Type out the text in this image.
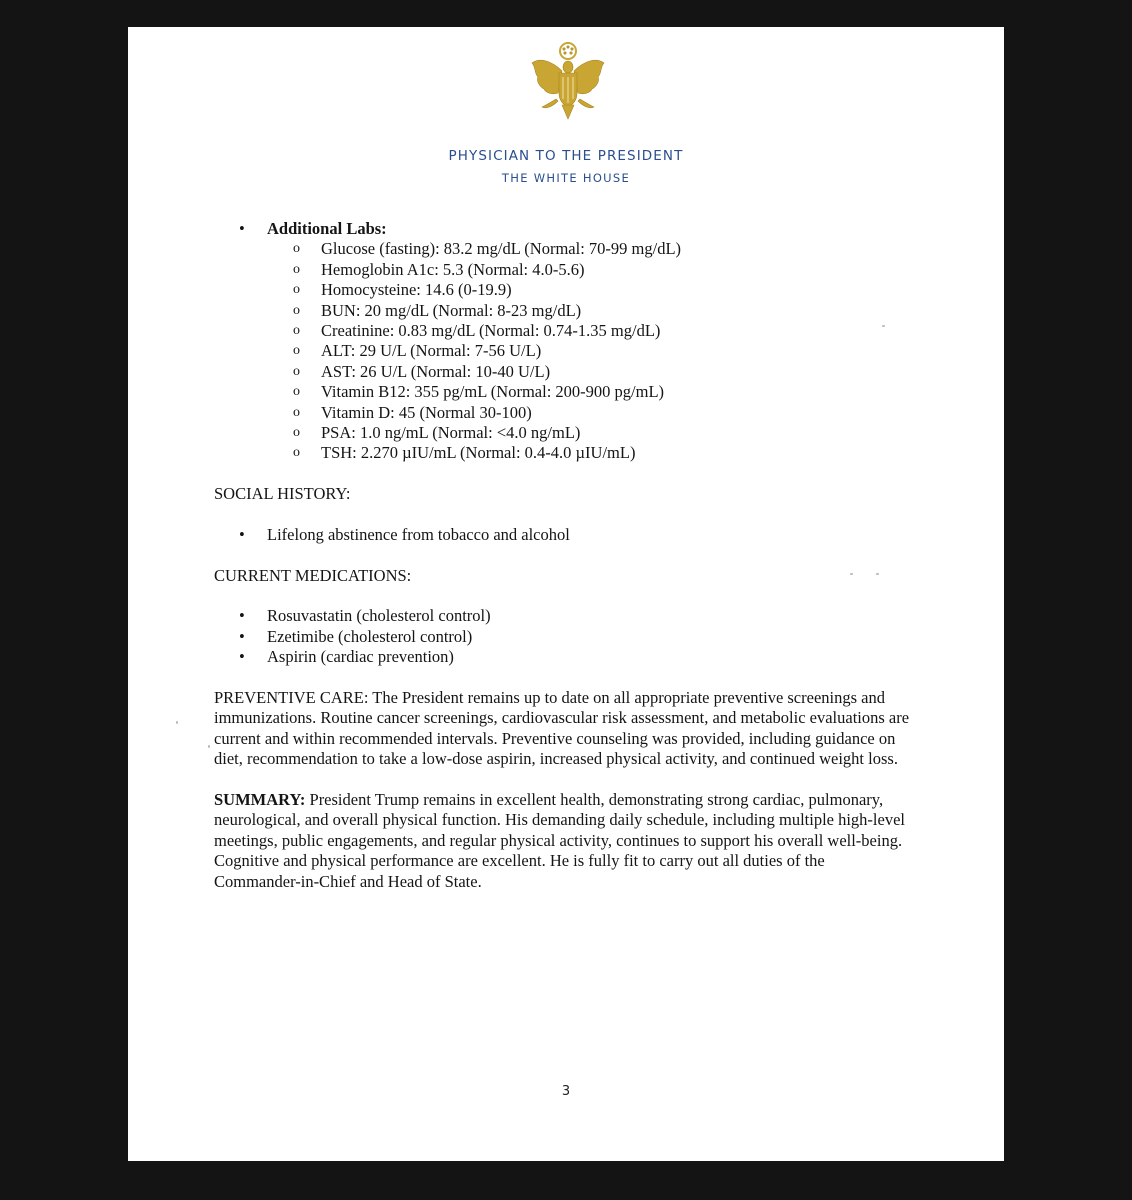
PHYSICIAN TO THE PRESIDENT
THE WHITE HOUSE
• Additional Labs:
o Glucose (fasting): 83.2 mg/dL (Normal: 70-99 mg/dL)
o Hemoglobin A1c: 5.3 (Normal: 4.0-5.6)
o Homocysteine: 14.6 (0-19.9)
o BUN: 20 mg/dL (Normal: 8-23 mg/dL)
o Creatinine: 0.83 mg/dL (Normal: 0.74-1.35 mg/dL)
o ALT: 29 U/L (Normal: 7-56 U/L)
o AST: 26 U/L (Normal: 10-40 U/L)
o Vitamin B12: 355 pg/mL (Normal: 200-900 pg/mL)
o Vitamin D: 45 (Normal 30-100)
o PSA: 1.0 ng/mL (Normal: <4.0 ng/mL)
o TSH: 2.270 µIU/mL (Normal: 0.4-4.0 µIU/mL)
SOCIAL HISTORY:
• Lifelong abstinence from tobacco and alcohol
CURRENT MEDICATIONS:
• Rosuvastatin (cholesterol control)
• Ezetimibe (cholesterol control)
• Aspirin (cardiac prevention)

PREVENTIVE CARE: The President remains up to date on all appropriate preventive screenings and immunizations. Routine cancer screenings, cardiovascular risk assessment, and metabolic evaluations are current and within recommended intervals. Preventive counseling was provided, including guidance on diet, recommendation to take a low-dose aspirin, increased physical activity, and continued weight loss.

SUMMARY: President Trump remains in excellent health, demonstrating strong cardiac, pulmonary, neurological, and overall physical function. His demanding daily schedule, including multiple high-level meetings, public engagements, and regular physical activity, continues to support his overall well-being. Cognitive and physical performance are excellent. He is fully fit to carry out all duties of the Commander-in-Chief and Head of State.

3
